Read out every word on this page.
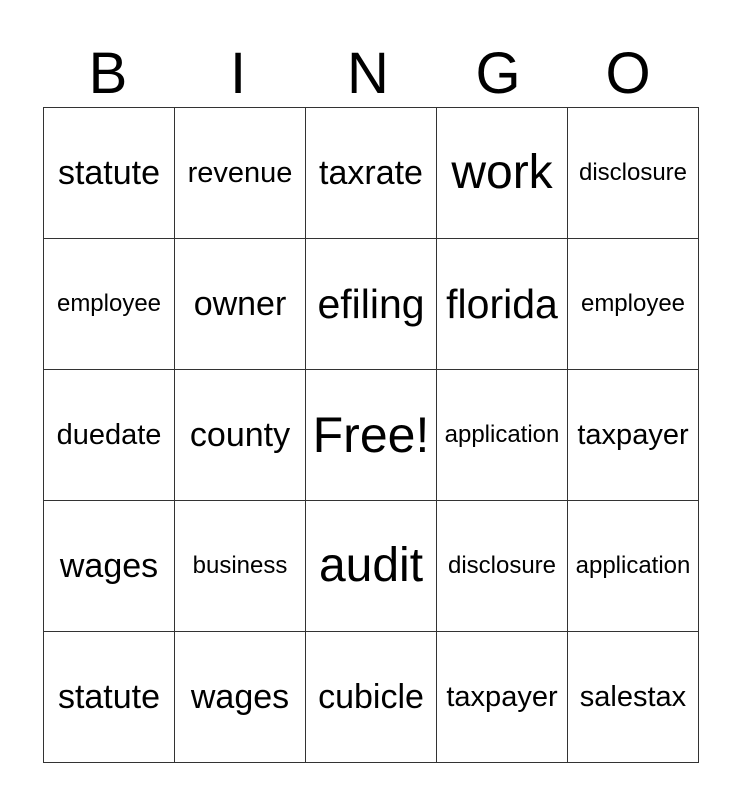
B	I	N	G	O
statute	revenue	taxrate	work	disclosure
employee	owner	efiling	florida	employee
duedate	county	Free!	application	taxpayer
wages	business	audit	disclosure	application
statute	wages	cubicle	taxpayer	salestax
